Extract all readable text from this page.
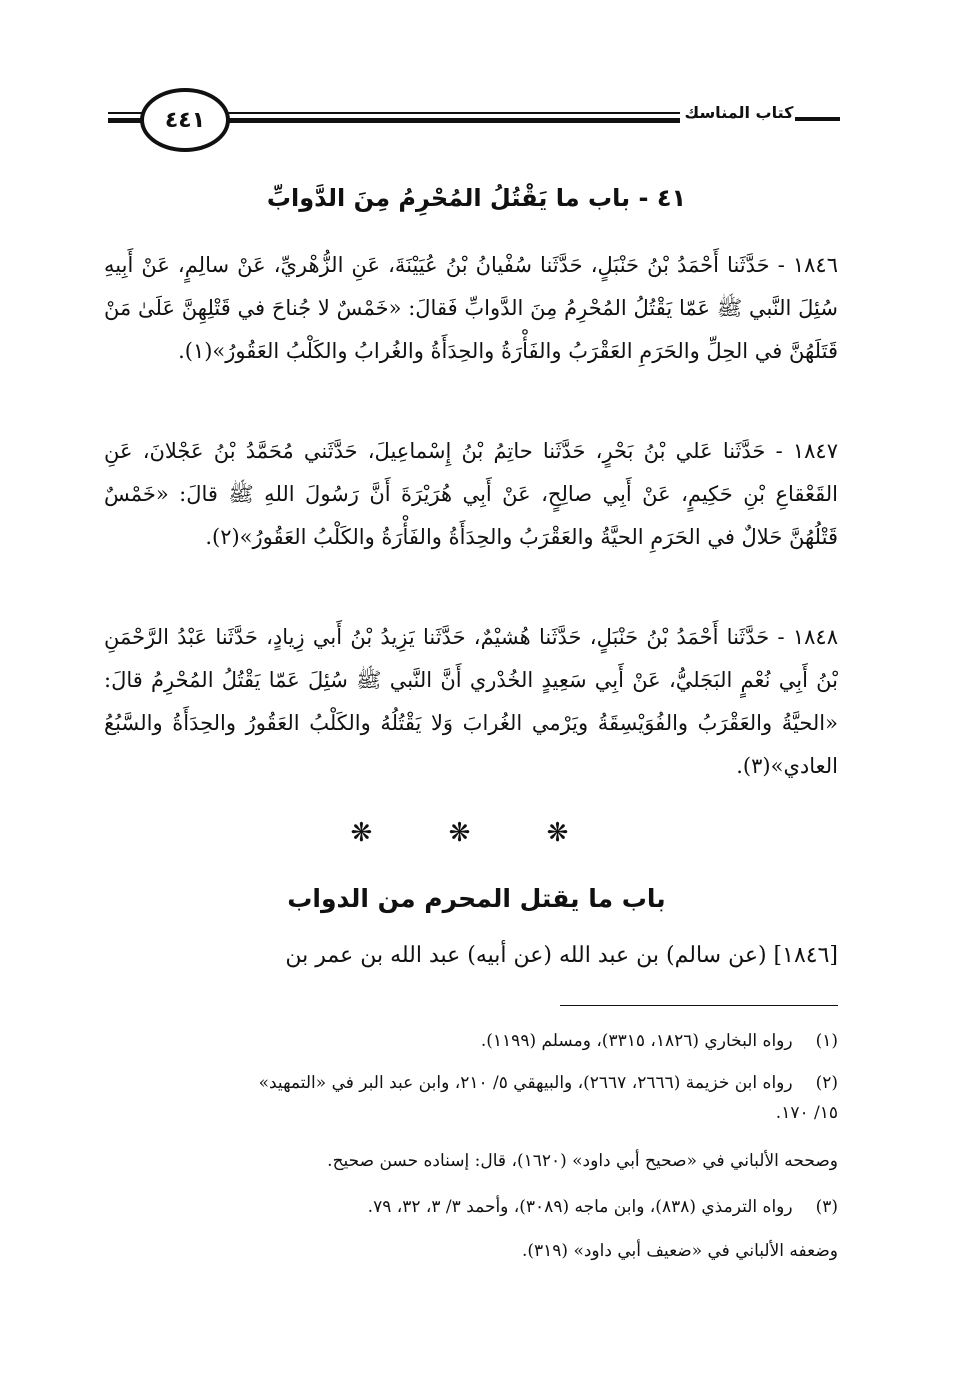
٤٤١	كتاب المناسك
٤١ - باب ما يَقْتُلُ المُحْرِمُ مِنَ الدَّوابِّ
١٨٤٦ - حَدَّثَنا أَحْمَدُ بْنُ حَنْبَلٍ، حَدَّثَنا سُفْيانُ بْنُ عُيَيْنَةَ، عَنِ الزُّهْريِّ، عَنْ سالِمٍ، عَنْ أَبِيهِ سُئِلَ النَّبي ﷺ عَمّا يَقْتُلُ المُحْرِمُ مِنَ الدَّوابِّ فَقالَ: «خَمْسٌ لا جُناحَ في قَتْلِهِنَّ عَلَىٰ مَنْ قَتَلَهُنَّ في الحِلِّ والحَرَمِ العَقْرَبُ والفَأْرَةُ والحِدَأَةُ والغُرابُ والكَلْبُ العَقُورُ»(١).
١٨٤٧ - حَدَّثَنا عَلي بْنُ بَحْرٍ، حَدَّثَنا حاتِمُ بْنُ إِسْماعِيلَ، حَدَّثَني مُحَمَّدُ بْنُ عَجْلانَ، عَنِ القَعْقاعِ بْنِ حَكِيمٍ، عَنْ أَبِي صالِحٍ، عَنْ أَبِي هُرَيْرَةَ أَنَّ رَسُولَ اللهِ ﷺ قالَ: «خَمْسٌ قَتْلُهُنَّ حَلالٌ في الحَرَمِ الحيَّةُ والعَقْرَبُ والحِدَأَةُ والفَأْرَةُ والكَلْبُ العَقُورُ»(٢).
١٨٤٨ - حَدَّثَنا أَحْمَدُ بْنُ حَنْبَلٍ، حَدَّثَنا هُشيْمٌ، حَدَّثَنا يَزِيدُ بْنُ أَبي زِيادٍ، حَدَّثَنا عَبْدُ الرَّحْمَنِ بْنُ أَبِي نُعْمٍ البَجَليُّ، عَنْ أَبِي سَعِيدٍ الخُدْري أَنَّ النَّبي ﷺ سُئِلَ عَمّا يَقْتُلُ المُحْرِمُ قالَ: «الحيَّةُ والعَقْرَبُ والفُوَيْسِقَةُ ويَرْمي الغُرابَ وَلا يَقْتُلُهُ والكَلْبُ العَقُورُ والحِدَأَةُ والسَّبُعُ العادي»(٣).
❋ ❋ ❋
باب ما يقتل المحرم من الدواب
[١٨٤٦] (عن سالم) بن عبد الله (عن أبيه) عبد الله بن عمر بن
(١) رواه البخاري (١٨٢٦، ٣٣١٥)، ومسلم (١١٩٩).
(٢) رواه ابن خزيمة (٢٦٦٦، ٢٦٦٧)، والبيهقي ٥/ ٢١٠، وابن عبد البر في «التمهيد»
١٥/ ١٧٠.
وصححه الألباني في «صحيح أبي داود» (١٦٢٠)، قال: إسناده حسن صحيح.
(٣) رواه الترمذي (٨٣٨)، وابن ماجه (٣٠٨٩)، وأحمد ٣/ ٣، ٣٢، ٧٩.
وضعفه الألباني في «ضعيف أبي داود» (٣١٩).
